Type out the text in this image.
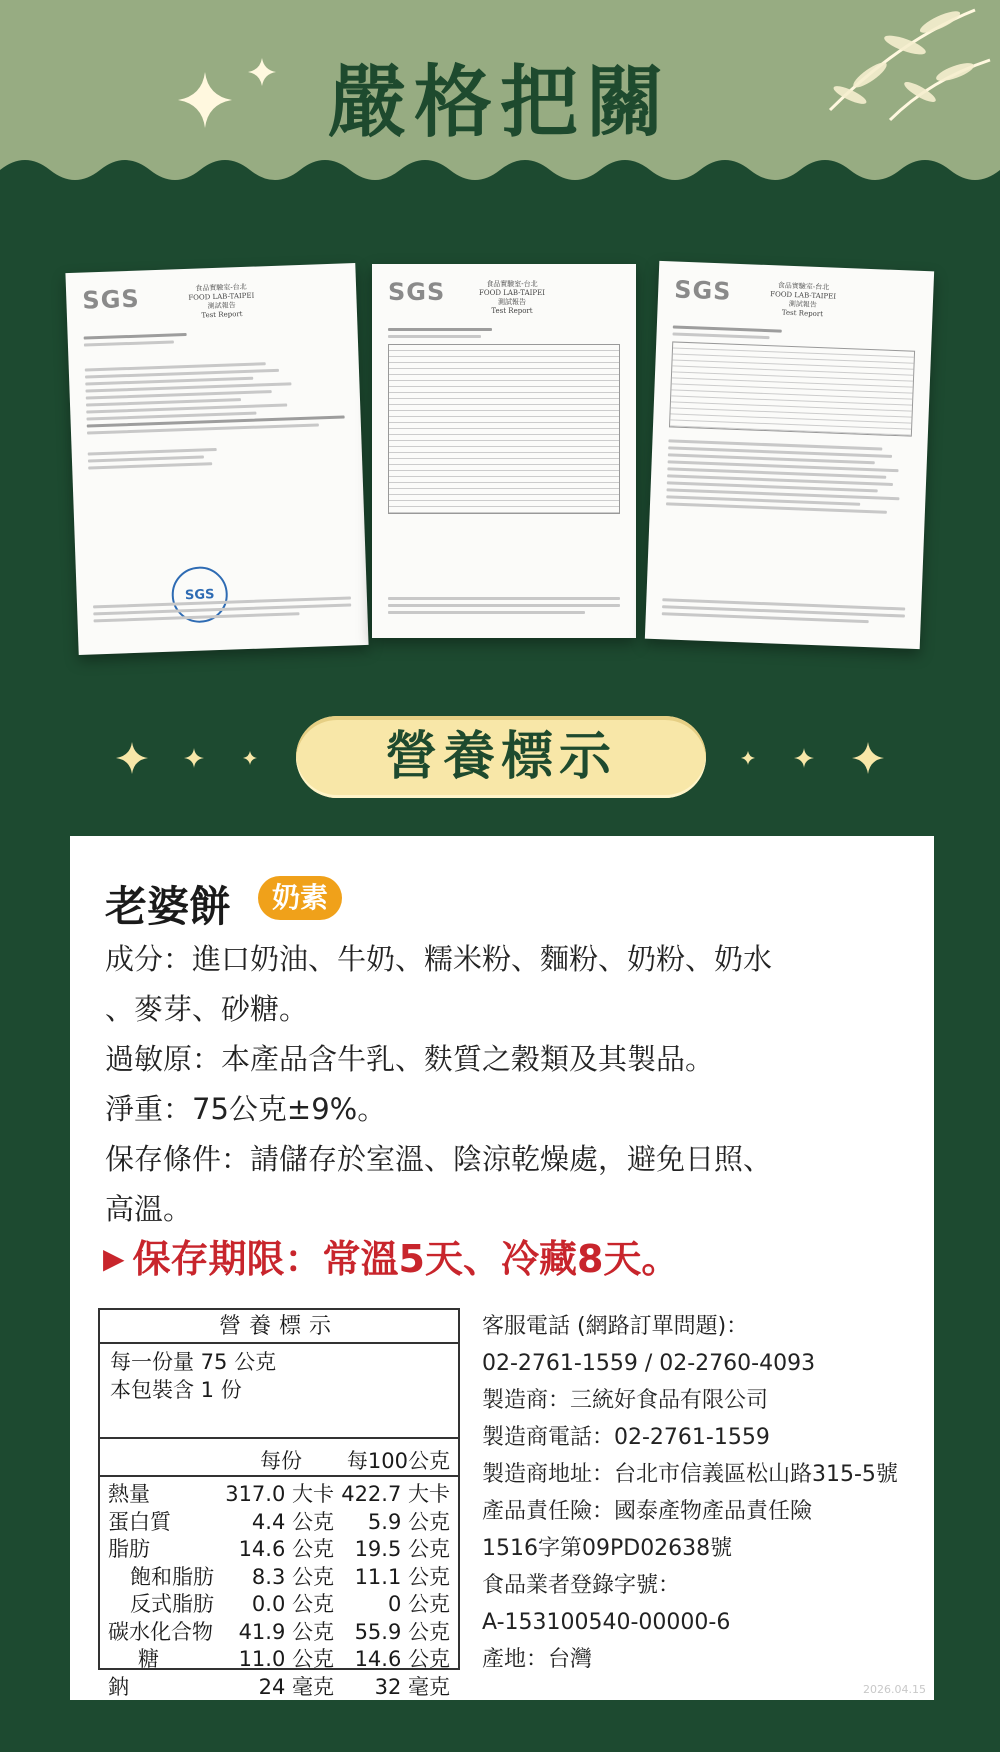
嚴格把關
SGS	食品實驗室-台北
FOOD LAB-TAIPEI
測試報告
Test Report
SGS
SGS	食品實驗室-台北
FOOD LAB-TAIPEI
測試報告
Test Report
SGS	食品實驗室-台北
FOOD LAB-TAIPEI
測試報告
Test Report
營養標示
老婆餅	奶素
成分：進口奶油、牛奶、糯米粉、麵粉、奶粉、奶水
、麥芽、砂糖。
過敏原：本產品含牛乳、麩質之穀類及其製品。
淨重：75公克±9%。
保存條件：請儲存於室溫、陰涼乾燥處，避免日照、
高溫。
▶ 保存期限：常溫5天、冷藏8天。
營養標示
每一份量 75 公克
本包裝含 1 份
每份 每100公克
熱量	317.0 大卡 422.7 大卡
蛋白質	4.4 公克 5.9 公克
脂肪	14.6 公克 19.5 公克
飽和脂肪 8.3 公克 11.1 公克
反式脂肪 0.0 公克	0 公克
碳水化合物 41.9 公克 55.9 公克
糖	11.0 公克 14.6 公克
鈉	24 毫克 32 毫克
客服電話 (網路訂單問題)：
02-2761-1559 / 02-2760-4093
製造商：三統好食品有限公司
製造商電話：02-2761-1559
製造商地址：台北市信義區松山路315-5號
產品責任險：國泰產物產品責任險
1516字第09PD02638號
食品業者登錄字號：
A-153100540-00000-6
產地：台灣
2026.04.15
